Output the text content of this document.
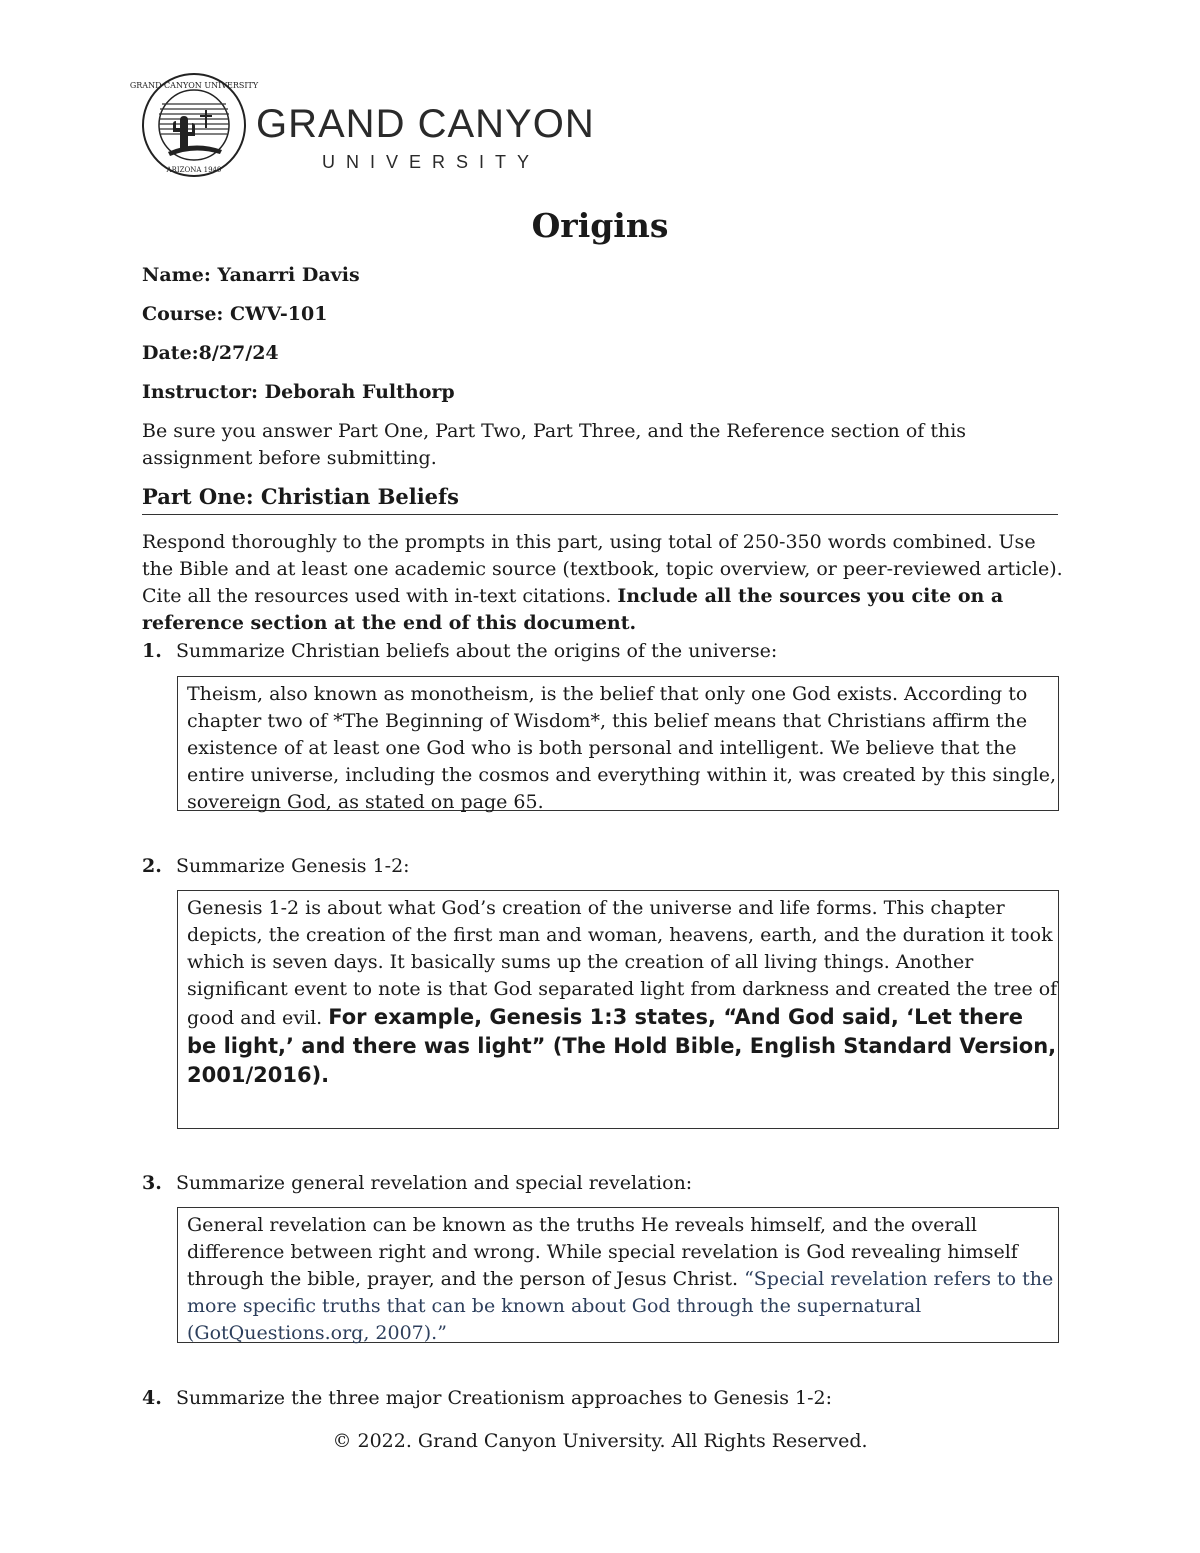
GRAND CANYON UNIVERSITY
ARIZONA 1949
GRAND CANYON
UNIVERSITY
Origins
Name: Yanarri Davis
Course: CWV-101
Date:8/27/24
Instructor: Deborah Fulthorp
Be sure you answer Part One, Part Two, Part Three, and the Reference section of this assignment before submitting.
Part One: Christian Beliefs
Respond thoroughly to the prompts in this part, using total of 250-350 words combined. Use the Bible and at least one academic source (textbook, topic overview, or peer-reviewed article). Cite all the resources used with in-text citations. Include all the sources you cite on a reference section at the end of this document.
1. Summarize Christian beliefs about the origins of the universe:
Theism, also known as monotheism, is the belief that only one God exists. According to chapter two of *The Beginning of Wisdom*, this belief means that Christians affirm the existence of at least one God who is both personal and intelligent. We believe that the entire universe, including the cosmos and everything within it, was created by this single, sovereign God, as stated on page 65.
2. Summarize Genesis 1-2:
Genesis 1-2 is about what God’s creation of the universe and life forms. This chapter depicts, the creation of the first man and woman, heavens, earth, and the duration it took which is seven days. It basically sums up the creation of all living things. Another significant event to note is that God separated light from darkness and created the tree of good and evil. For example, Genesis 1:3 states, “And God said, ‘Let there be light,’ and there was light” (The Hold Bible, English Standard Version, 2001/2016).
3. Summarize general revelation and special revelation:
General revelation can be known as the truths He reveals himself, and the overall difference between right and wrong. While special revelation is God revealing himself through the bible, prayer, and the person of Jesus Christ. “Special revelation refers to the more specific truths that can be known about God through the supernatural (GotQuestions.org, 2007).”
4. Summarize the three major Creationism approaches to Genesis 1-2:
© 2022. Grand Canyon University. All Rights Reserved.
